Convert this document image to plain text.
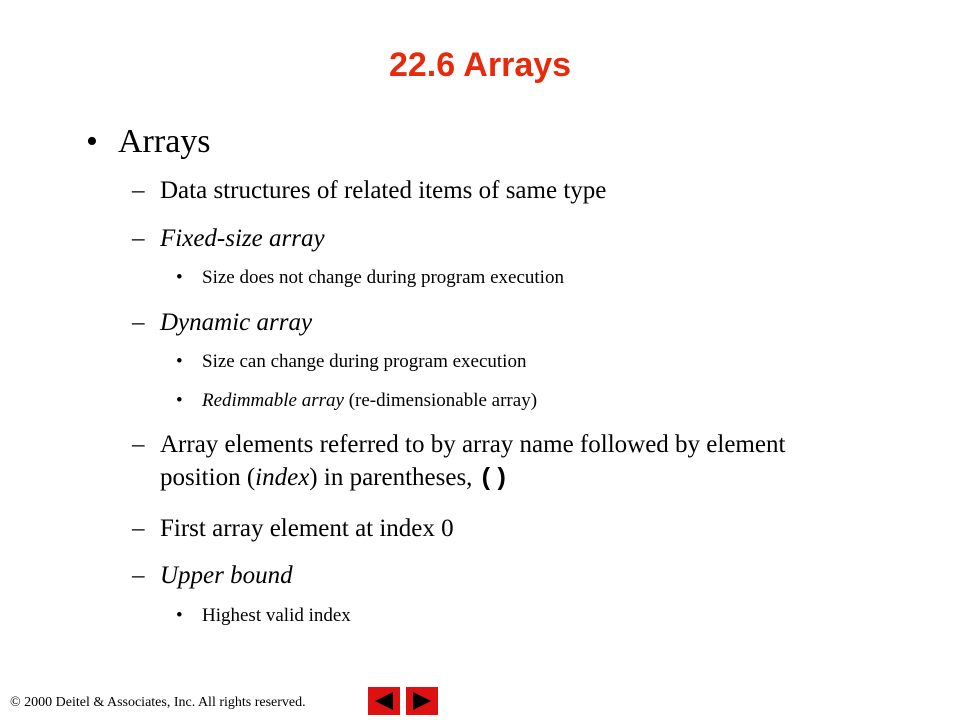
22.6 Arrays
• Arrays
– Data structures of related items of same type
– Fixed-size array
• Size does not change during program execution
– Dynamic array
• Size can change during program execution
• Redimmable array (re-dimensionable array)
– Array elements referred to by array name followed by element position (index) in parentheses, ()
– First array element at index 0
– Upper bound
• Highest valid index
© 2000 Deitel & Associates, Inc. All rights reserved.
